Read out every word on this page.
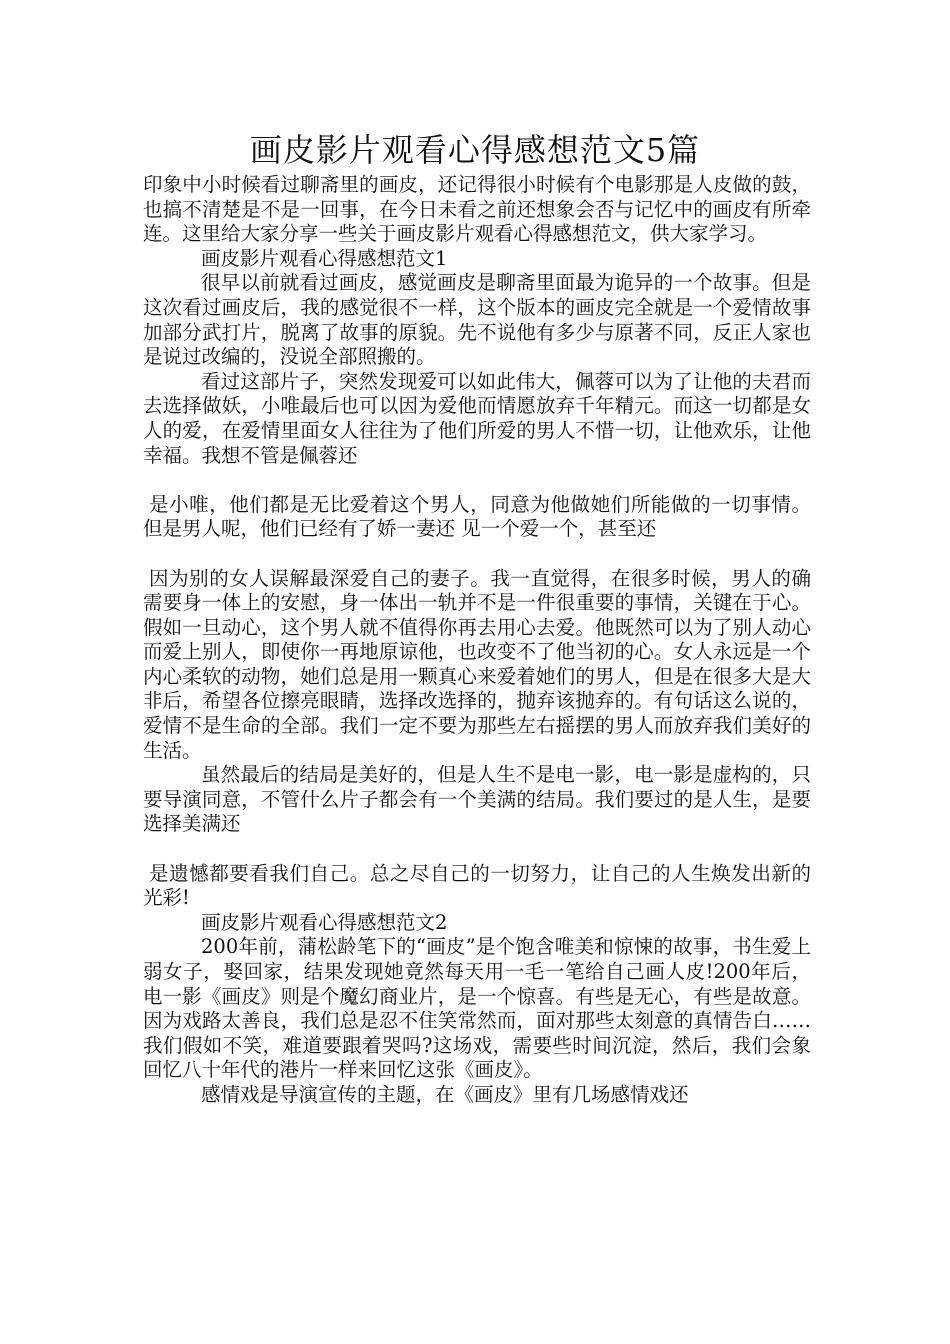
画皮影片观看心得感想范文5篇

印象中小时候看过聊斋里的画皮，还记得很小时候有个电影那是人皮做的鼓，也搞不清楚是不是一回事，在今日未看之前还想象会否与记忆中的画皮有所牵连。这里给大家分享一些关于画皮影片观看心得感想范文，供大家学习。

画皮影片观看心得感想范文1

很早以前就看过画皮，感觉画皮是聊斋里面最为诡异的一个故事。但是这次看过画皮后，我的感觉很不一样，这个版本的画皮完全就是一个爱情故事加部分武打片，脱离了故事的原貌。先不说他有多少与原著不同，反正人家也是说过改编的，没说全部照搬的。

看过这部片子，突然发现爱可以如此伟大，佩蓉可以为了让他的夫君而去选择做妖，小唯最后也可以因为爱他而情愿放弃千年精元。而这一切都是女人的爱，在爱情里面女人往往为了他们所爱的男人不惜一切，让他欢乐，让他幸福。我想不管是佩蓉还

是小唯，他们都是无比爱着这个男人，同意为他做她们所能做的一切事情。但是男人呢，他们已经有了娇一妻还 见一个爱一个，甚至还

因为别的女人误解最深爱自己的妻子。我一直觉得，在很多时候，男人的确需要身一体上的安慰，身一体出一轨并不是一件很重要的事情，关键在于心。假如一旦动心，这个男人就不值得你再去用心去爱。他既然可以为了别人动心而爱上别人，即使你一再地原谅他，也改变不了他当初的心。女人永远是一个内心柔软的动物，她们总是用一颗真心来爱着她们的男人，但是在很多大是大非后，希望各位擦亮眼睛，选择改选择的，抛弃该抛弃的。有句话这么说的，爱情不是生命的全部。我们一定不要为那些左右摇摆的男人而放弃我们美好的生活。

虽然最后的结局是美好的，但是人生不是电一影，电一影是虚构的，只要导演同意，不管什么片子都会有一个美满的结局。我们要过的是人生，是要选择美满还

是遗憾都要看我们自己。总之尽自己的一切努力，让自己的人生焕发出新的光彩!

画皮影片观看心得感想范文2

200年前，蒲松龄笔下的“画皮”是个饱含唯美和惊悚的故事，书生爱上弱女子，娶回家，结果发现她竟然每天用一毛一笔给自己画人皮!200年后，电一影《画皮》则是个魔幻商业片，是一个惊喜。有些是无心，有些是故意。因为戏路太善良，我们总是忍不住笑常然而，面对那些太刻意的真情告白……我们假如不笑，难道要跟着哭吗?这场戏，需要些时间沉淀，然后，我们会象回忆八十年代的港片一样来回忆这张《画皮》。

感情戏是导演宣传的主题，在《画皮》里有几场感情戏还
